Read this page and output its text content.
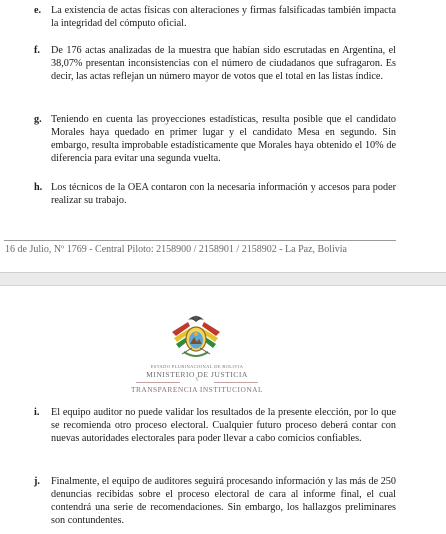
e. La existencia de actas físicas con alteraciones y firmas falsificadas también impacta la integridad del cómputo oficial.
f. De 176 actas analizadas de la muestra que habían sido escrutadas en Argentina, el 38,07% presentan inconsistencias con el número de ciudadanos que sufragaron. Es decir, las actas reflejan un número mayor de votos que el total en las listas índice.
g. Teniendo en cuenta las proyecciones estadísticas, resulta posible que el candidato Morales haya quedado en primer lugar y el candidato Mesa en segundo. Sin embargo, resulta improbable estadísticamente que Morales haya obtenido el 10% de diferencia para evitar una segunda vuelta.
h. Los técnicos de la OEA contaron con la necesaria información y accesos para poder realizar su trabajo.
16 de Julio, Nº 1769 - Central Piloto: 2158900 / 2158901 / 2158902 - La Paz, Bolivia
ESTADO PLURINACIONAL DE BOLIVIA
MINISTERIO DE JUSTICIA
Y
TRANSPARENCIA INSTITUCIONAL
i. El equipo auditor no puede validar los resultados de la presente elección, por lo que se recomienda otro proceso electoral. Cualquier futuro proceso deberá contar con nuevas autoridades electorales para poder llevar a cabo comicios confiables.
j. Finalmente, el equipo de auditores seguirá procesando información y las más de 250 denuncias recibidas sobre el proceso electoral de cara al informe final, el cual contendrá una serie de recomendaciones. Sin embargo, los hallazgos preliminares son contundentes.
